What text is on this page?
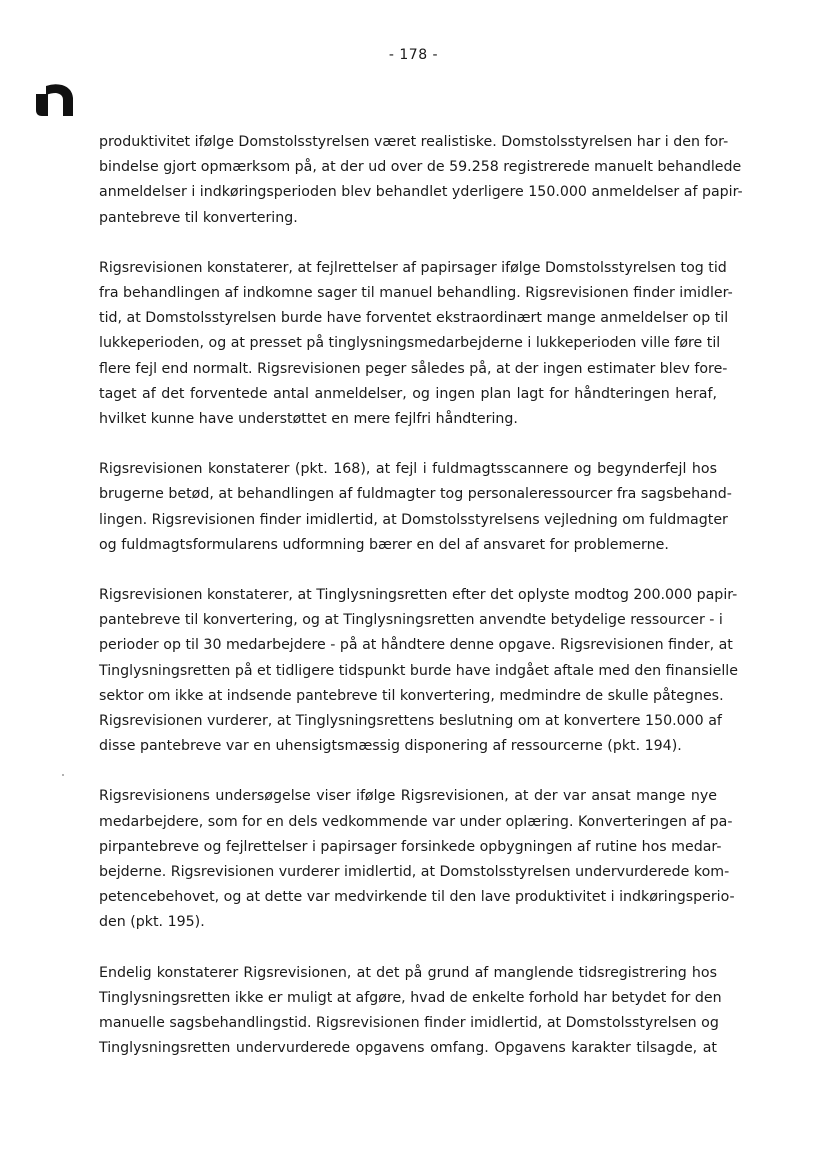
- 178 -

produktivitet ifølge Domstolsstyrelsen været realistiske. Domstolsstyrelsen har i den for-
bindelse gjort opmærksom på, at der ud over de 59.258 registrerede manuelt behandlede
anmeldelser i indkøringsperioden blev behandlet yderligere 150.000 anmeldelser af papir-
pantebreve til konvertering.

Rigsrevisionen konstaterer, at fejlrettelser af papirsager ifølge Domstolsstyrelsen tog tid
fra behandlingen af indkomne sager til manuel behandling. Rigsrevisionen finder imidler-
tid, at Domstolsstyrelsen burde have forventet ekstraordinært mange anmeldelser op til
lukkeperioden, og at presset på tinglysningsmedarbejderne i lukkeperioden ville føre til
flere fejl end normalt. Rigsrevisionen peger således på, at der ingen estimater blev fore-
taget af det forventede antal anmeldelser, og ingen plan lagt for håndteringen heraf,
hvilket kunne have understøttet en mere fejlfri håndtering.

Rigsrevisionen konstaterer (pkt. 168), at fejl i fuldmagtsscannere og begynderfejl hos
brugerne betød, at behandlingen af fuldmagter tog personaleressourcer fra sagsbehand-
lingen. Rigsrevisionen finder imidlertid, at Domstolsstyrelsens vejledning om fuldmagter
og fuldmagtsformularens udformning bærer en del af ansvaret for problemerne.

Rigsrevisionen konstaterer, at Tinglysningsretten efter det oplyste modtog 200.000 papir-
pantebreve til konvertering, og at Tinglysningsretten anvendte betydelige ressourcer - i
perioder op til 30 medarbejdere - på at håndtere denne opgave. Rigsrevisionen finder, at
Tinglysningsretten på et tidligere tidspunkt burde have indgået aftale med den finansielle
sektor om ikke at indsende pantebreve til konvertering, medmindre de skulle påtegnes.
Rigsrevisionen vurderer, at Tinglysningsrettens beslutning om at konvertere 150.000 af
disse pantebreve var en uhensigtsmæssig disponering af ressourcerne (pkt. 194).

Rigsrevisionens undersøgelse viser ifølge Rigsrevisionen, at der var ansat mange nye
medarbejdere, som for en dels vedkommende var under oplæring. Konverteringen af pa-
pirpantebreve og fejlrettelser i papirsager forsinkede opbygningen af rutine hos medar-
bejderne. Rigsrevisionen vurderer imidlertid, at Domstolsstyrelsen undervurderede kom-
petencebehovet, og at dette var medvirkende til den lave produktivitet i indkøringsperio-
den (pkt. 195).

Endelig konstaterer Rigsrevisionen, at det på grund af manglende tidsregistrering hos
Tinglysningsretten ikke er muligt at afgøre, hvad de enkelte forhold har betydet for den
manuelle sagsbehandlingstid. Rigsrevisionen finder imidlertid, at Domstolsstyrelsen og
Tinglysningsretten undervurderede opgavens omfang. Opgavens karakter tilsagde, at
